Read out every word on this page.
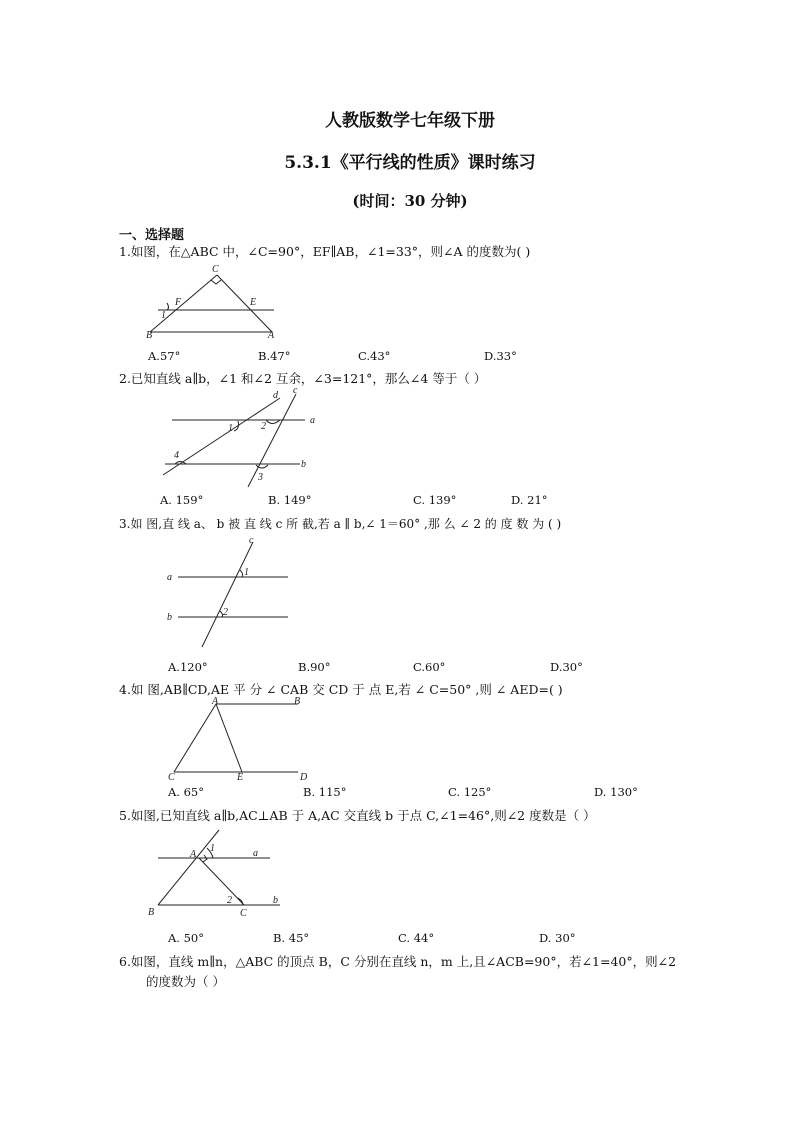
人教版数学七年级下册
5.3.1《平行线的性质》课时练习
(时间：30 分钟)
一、选择题
1.如图，在△ABC 中，∠C=90°，EF∥AB，∠1=33°，则∠A 的度数为( )
C
F	E
1
B	A
A.57°	B.47°	C.43°	D.33°
2.已知直线 a∥b，∠1 和∠2 互余，∠3=121°，那么∠4 等于（ ）
d c
a
1	2
4
b
3
A. 159°	B. 149°	C. 139°	D. 21°
3.如 图,直 线 a、 b 被 直 线 c 所 截,若 a ∥ b,∠ 1＝60° ,那 么 ∠ 2 的 度 数 为 ( )
c
a	1
b	2
A.120°	B.90°	C.60°	D.30°
4.如 图,AB∥CD,AE 平 分 ∠ CAB 交 CD 于 点 E,若 ∠ C=50° ,则 ∠ AED=( )
A	B
C	E	D
A. 65°	B. 115°	C. 125°	D. 130°
5.如图,已知直线 a∥b,AC⊥AB 于 A,AC 交直线 b 于点 C,∠1=46°,则∠2 度数是（ ）
A
1	a
2	b
B	C
A. 50°	B. 45°	C. 44°	D. 30°
6.如图，直线 m∥n，△ABC 的顶点 B，C 分别在直线 n，m 上,且∠ACB=90°，若∠1=40°，则∠2
的度数为（ ）
